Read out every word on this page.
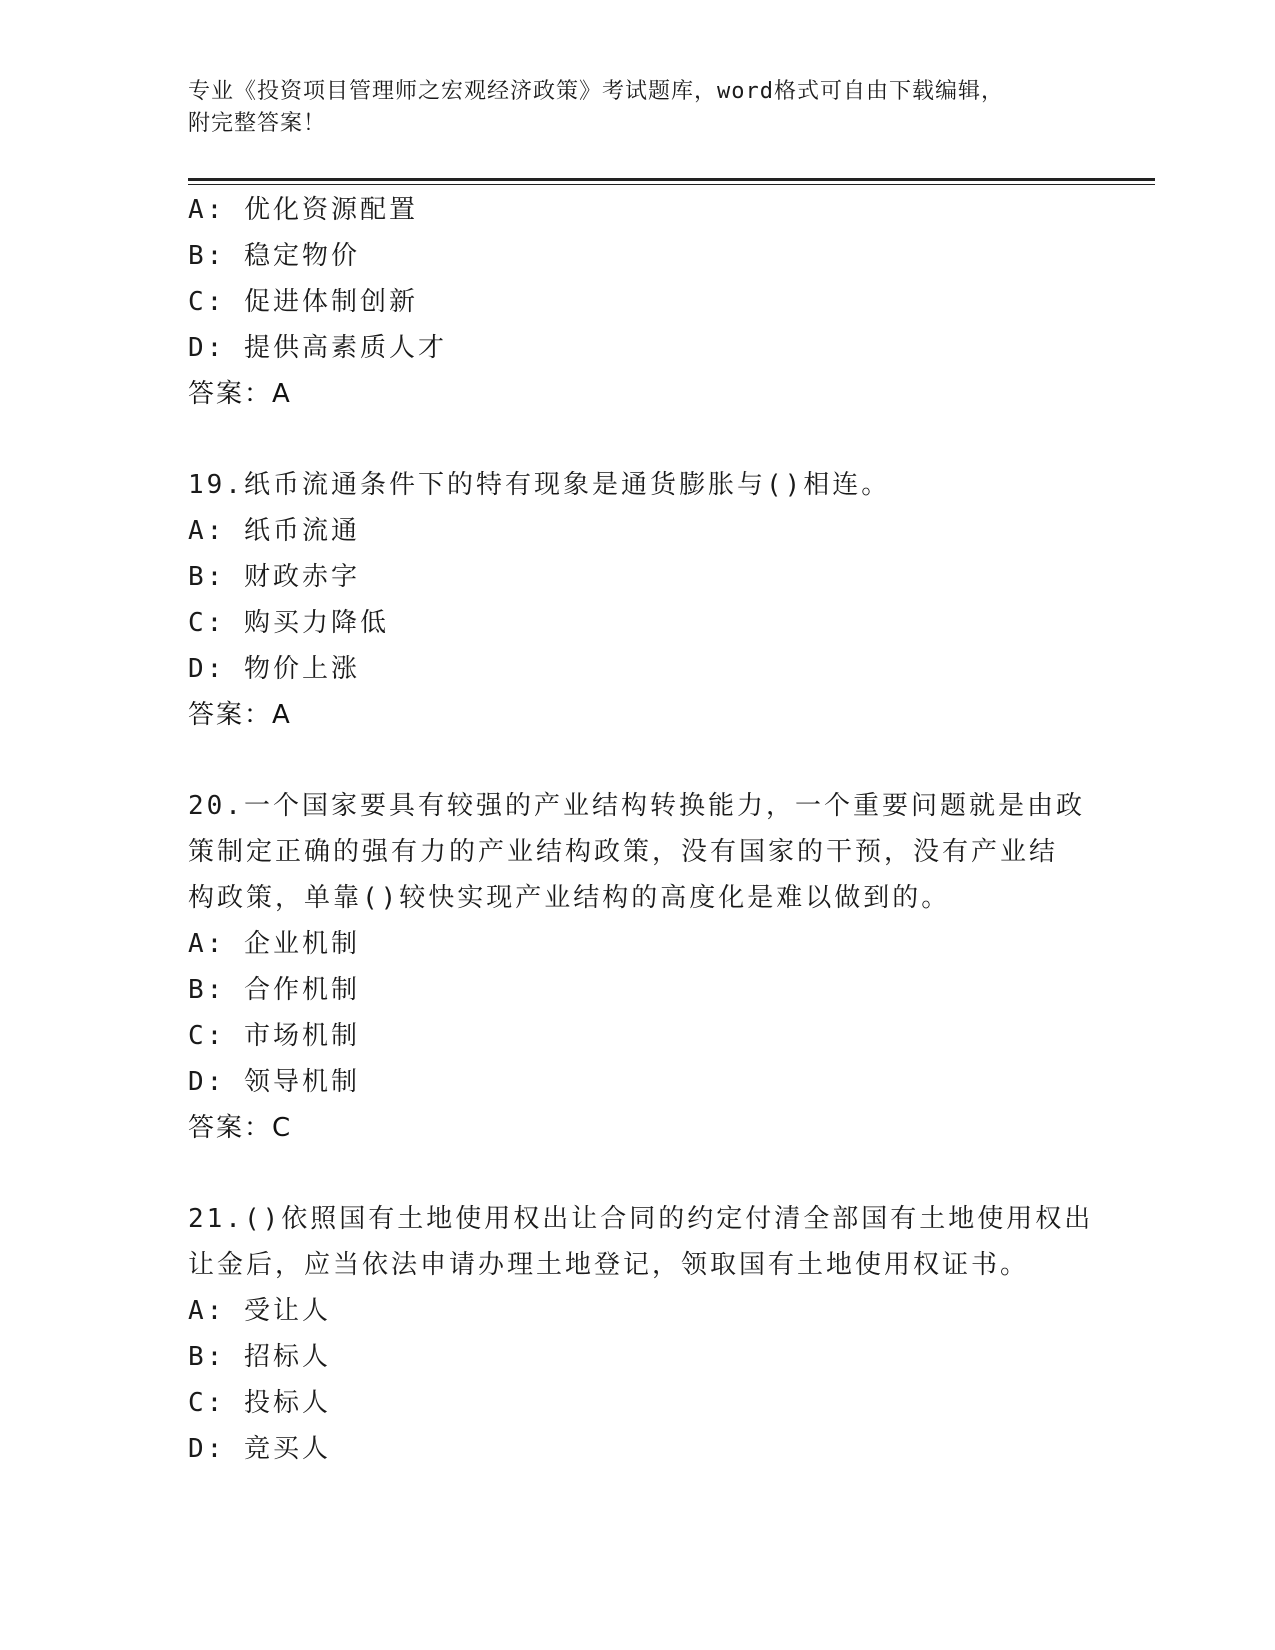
专业《投资项目管理师之宏观经济政策》考试题库，word格式可自由下载编辑，
附完整答案！
A: 优化资源配置
B: 稳定物价
C: 促进体制创新
D: 提供高素质人才
答案：A
19.纸币流通条件下的特有现象是通货膨胀与()相连。
A: 纸币流通
B: 财政赤字
C: 购买力降低
D: 物价上涨
答案：A
20.一个国家要具有较强的产业结构转换能力，一个重要问题就是由政
策制定正确的强有力的产业结构政策，没有国家的干预，没有产业结
构政策，单靠()较快实现产业结构的高度化是难以做到的。
A: 企业机制
B: 合作机制
C: 市场机制
D: 领导机制
答案：C
21.()依照国有土地使用权出让合同的约定付清全部国有土地使用权出
让金后，应当依法申请办理土地登记，领取国有土地使用权证书。
A: 受让人
B: 招标人
C: 投标人
D: 竞买人
